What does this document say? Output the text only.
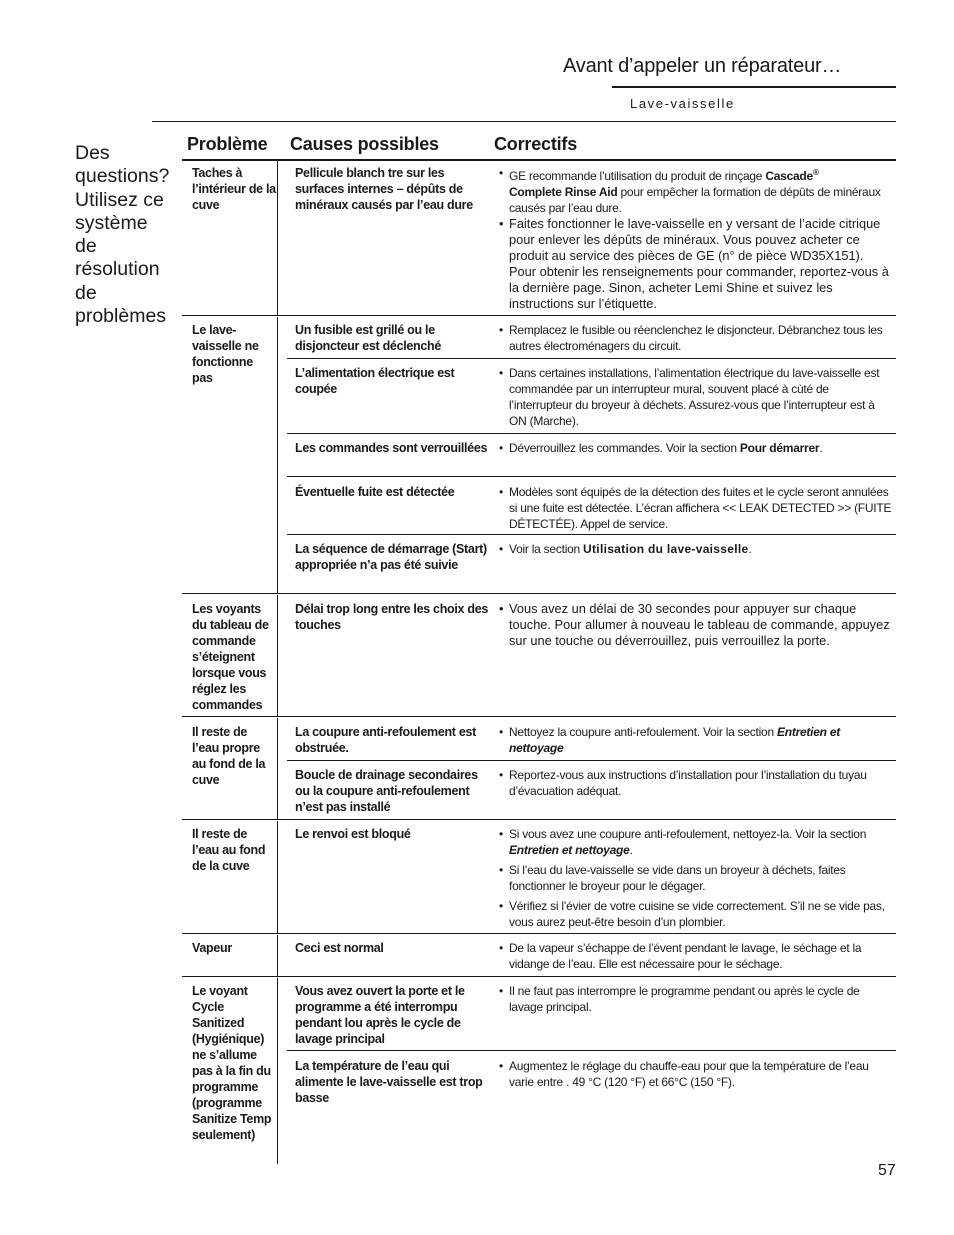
Avant d’appeler un réparateur…
Lave-vaisselle
Des
questions?
Utilisez ce
système
de
résolution
de
problèmes
Problème Causes possibles	Correctifs
Taches à l’intérieur de la cuve
Le lave-vaisselle ne fonctionne pas
Les voyants du tableau de commande s’éteignent lorsque vous réglez les commandes
Il reste de l’eau propre au fond de la cuve
Il reste de l’eau au fond de la cuve
Vapeur
Le voyant Cycle Sanitized (Hygiénique) ne s’allume pas à la fin du programme (programme Sanitize Temp seulement)
Pellicule blanch tre sur les surfaces internes – dépûts de minéraux causés par l’eau dure
Un fusible est grillé ou le disjoncteur est déclenché
L’alimentation électrique est coupée
Les commandes sont verrouillées
Éventuelle fuite est détectée
La séquence de démarrage (Start) appropriée n’a pas été suivie
Délai trop long entre les choix des touches
La coupure anti-refoulement est obstruée.
Boucle de drainage secondaires ou la coupure anti-refoulement n’est pas installé
Le renvoi est bloqué
Ceci est normal
Vous avez ouvert la porte et le programme a été interrompu pendant lou après le cycle de lavage principal
La température de l’eau qui alimente le lave-vaisselle est trop basse
• GE recommande l’utilisation du produit de rinçage Cascade®
Complete Rinse Aid pour empêcher la formation de dépûts de minéraux causés par l’eau dure.
• Faites fonctionner le lave-vaisselle en y versant de l’acide citrique pour enlever les dépûts de minéraux. Vous pouvez acheter ce produit au service des pièces de GE (n° de pièce WD35X151). Pour obtenir les renseignements pour commander, reportez-vous à la dernière page. Sinon, acheter Lemi Shine et suivez les instructions sur l’étiquette.
• Remplacez le fusible ou réenclenchez le disjoncteur. Débranchez tous les autres électroménagers du circuit.
• Dans certaines installations, l’alimentation électrique du lave-vaisselle est commandée par un interrupteur mural, souvent placé à cùté de l’interrupteur du broyeur à déchets. Assurez-vous que l’interrupteur est à ON (Marche).
• Déverrouillez les commandes. Voir la section Pour démarrer.
• Modèles sont équipés de la détection des fuites et le cycle seront annulées si une fuite est détectée. L’écran affichera << LEAK DETECTED >> (FUITE DÉTECTÉE). Appel de service.
• Voir la section Utilisation du lave-vaisselle.
• Vous avez un délai de 30 secondes pour appuyer sur chaque touche. Pour allumer à nouveau le tableau de commande, appuyez sur une touche ou déverrouillez, puis verrouillez la porte.
• Nettoyez la coupure anti-refoulement. Voir la section Entretien et nettoyage
• Reportez-vous aux instructions d’installation pour l’installation du tuyau d’évacuation adéquat.
• Si vous avez une coupure anti-refoulement, nettoyez-la. Voir la section Entretien et nettoyage.
• Si l’eau du lave-vaisselle se vide dans un broyeur à déchets, faites fonctionner le broyeur pour le dégager.
• Vérifiez si l’évier de votre cuisine se vide correctement. S’il ne se vide pas, vous aurez peut-être besoin d’un plombier.
• De la vapeur s’échappe de l’évent pendant le lavage, le séchage et la vidange de l’eau. Elle est nécessaire pour le séchage.
• Il ne faut pas interrompre le programme pendant ou après le cycle de lavage principal.
• Augmentez le réglage du chauffe-eau pour que la température de l’eau varie entre . 49 °C (120 °F) et 66°C (150 °F).
57
